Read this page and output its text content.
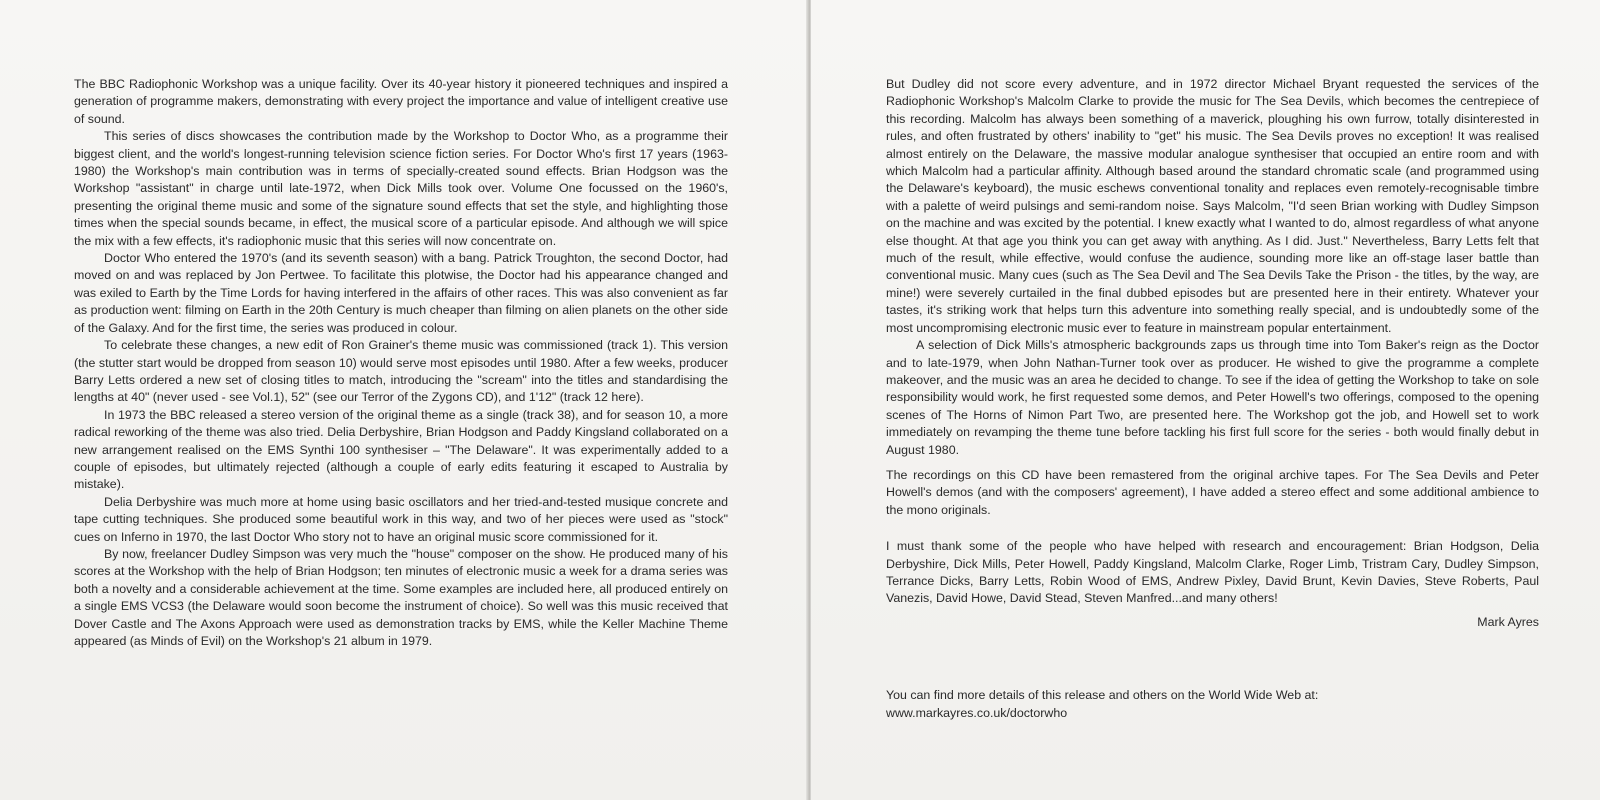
The BBC Radiophonic Workshop was a unique facility. Over its 40-year history it pioneered techniques and inspired a generation of programme makers, demonstrating with every project the importance and value of intelligent creative use of sound.

This series of discs showcases the contribution made by the Workshop to Doctor Who, as a programme their biggest client, and the world's longest-running television science fiction series. For Doctor Who's first 17 years (1963-1980) the Workshop's main contribution was in terms of specially-created sound effects. Brian Hodgson was the Workshop "assistant" in charge until late-1972, when Dick Mills took over. Volume One focussed on the 1960's, presenting the original theme music and some of the signature sound effects that set the style, and highlighting those times when the special sounds became, in effect, the musical score of a particular episode. And although we will spice the mix with a few effects, it's radiophonic music that this series will now concentrate on.

Doctor Who entered the 1970's (and its seventh season) with a bang. Patrick Troughton, the second Doctor, had moved on and was replaced by Jon Pertwee. To facilitate this plotwise, the Doctor had his appearance changed and was exiled to Earth by the Time Lords for having interfered in the affairs of other races. This was also convenient as far as production went: filming on Earth in the 20th Century is much cheaper than filming on alien planets on the other side of the Galaxy. And for the first time, the series was produced in colour.

To celebrate these changes, a new edit of Ron Grainer's theme music was commissioned (track 1). This version (the stutter start would be dropped from season 10) would serve most episodes until 1980. After a few weeks, producer Barry Letts ordered a new set of closing titles to match, introducing the "scream" into the titles and standardising the lengths at 40" (never used - see Vol.1), 52" (see our Terror of the Zygons CD), and 1'12" (track 12 here).

In 1973 the BBC released a stereo version of the original theme as a single (track 38), and for season 10, a more radical reworking of the theme was also tried. Delia Derbyshire, Brian Hodgson and Paddy Kingsland collaborated on a new arrangement realised on the EMS Synthi 100 synthesiser – "The Delaware". It was experimentally added to a couple of episodes, but ultimately rejected (although a couple of early edits featuring it escaped to Australia by mistake).

Delia Derbyshire was much more at home using basic oscillators and her tried-and-tested musique concrete and tape cutting techniques. She produced some beautiful work in this way, and two of her pieces were used as "stock" cues on Inferno in 1970, the last Doctor Who story not to have an original music score commissioned for it.

By now, freelancer Dudley Simpson was very much the "house" composer on the show. He produced many of his scores at the Workshop with the help of Brian Hodgson; ten minutes of electronic music a week for a drama series was both a novelty and a considerable achievement at the time. Some examples are included here, all produced entirely on a single EMS VCS3 (the Delaware would soon become the instrument of choice). So well was this music received that Dover Castle and The Axons Approach were used as demonstration tracks by EMS, while the Keller Machine Theme appeared (as Minds of Evil) on the Workshop's 21 album in 1979.

But Dudley did not score every adventure, and in 1972 director Michael Bryant requested the services of the Radiophonic Workshop's Malcolm Clarke to provide the music for The Sea Devils, which becomes the centrepiece of this recording. Malcolm has always been something of a maverick, ploughing his own furrow, totally disinterested in rules, and often frustrated by others' inability to "get" his music. The Sea Devils proves no exception! It was realised almost entirely on the Delaware, the massive modular analogue synthesiser that occupied an entire room and with which Malcolm had a particular affinity. Although based around the standard chromatic scale (and programmed using the Delaware's keyboard), the music eschews conventional tonality and replaces even remotely-recognisable timbre with a palette of weird pulsings and semi-random noise. Says Malcolm, "I'd seen Brian working with Dudley Simpson on the machine and was excited by the potential. I knew exactly what I wanted to do, almost regardless of what anyone else thought. At that age you think you can get away with anything. As I did. Just." Nevertheless, Barry Letts felt that much of the result, while effective, would confuse the audience, sounding more like an off-stage laser battle than conventional music. Many cues (such as The Sea Devil and The Sea Devils Take the Prison - the titles, by the way, are mine!) were severely curtailed in the final dubbed episodes but are presented here in their entirety. Whatever your tastes, it's striking work that helps turn this adventure into something really special, and is undoubtedly some of the most uncompromising electronic music ever to feature in mainstream popular entertainment.

A selection of Dick Mills's atmospheric backgrounds zaps us through time into Tom Baker's reign as the Doctor and to late-1979, when John Nathan-Turner took over as producer. He wished to give the programme a complete makeover, and the music was an area he decided to change. To see if the idea of getting the Workshop to take on sole responsibility would work, he first requested some demos, and Peter Howell's two offerings, composed to the opening scenes of The Horns of Nimon Part Two, are presented here. The Workshop got the job, and Howell set to work immediately on revamping the theme tune before tackling his first full score for the series - both would finally debut in August 1980.

The recordings on this CD have been remastered from the original archive tapes. For The Sea Devils and Peter Howell's demos (and with the composers' agreement), I have added a stereo effect and some additional ambience to the mono originals.

I must thank some of the people who have helped with research and encouragement: Brian Hodgson, Delia Derbyshire, Dick Mills, Peter Howell, Paddy Kingsland, Malcolm Clarke, Roger Limb, Tristram Cary, Dudley Simpson, Terrance Dicks, Barry Letts, Robin Wood of EMS, Andrew Pixley, David Brunt, Kevin Davies, Steve Roberts, Paul Vanezis, David Howe, David Stead, Steven Manfred...and many others!

Mark Ayres

You can find more details of this release and others on the World Wide Web at:

www.markayres.co.uk/doctorwho
